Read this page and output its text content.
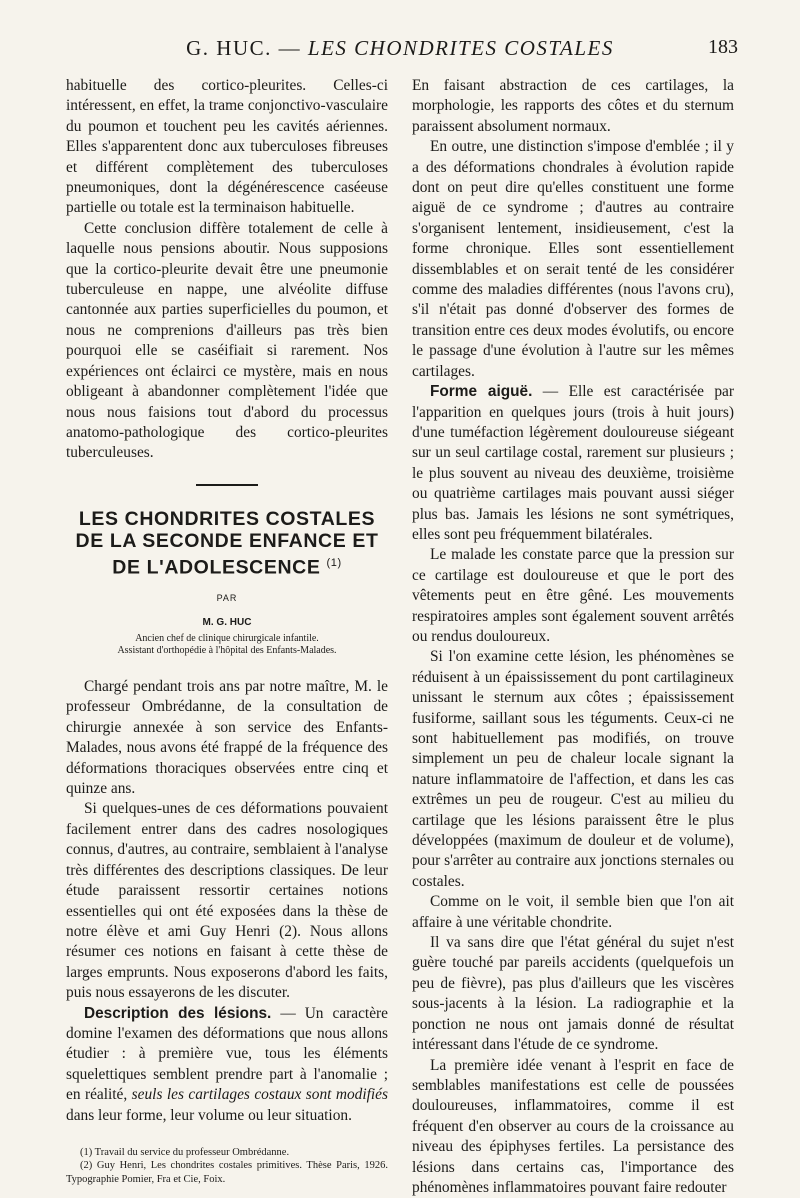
G. HUC. — LES CHONDRITES COSTALES	183

habituelle des cortico-pleurites. Celles-ci intéressent, en effet, la trame conjonctivo-vasculaire du poumon et touchent peu les cavités aériennes. Elles s'apparentent donc aux tuberculoses fibreuses et différent complètement des tuberculoses pneumoniques, dont la dégénérescence caséeuse partielle ou totale est la terminaison habituelle.

Cette conclusion diffère totalement de celle à laquelle nous pensions aboutir. Nous supposions que la cortico-pleurite devait être une pneumonie tuberculeuse en nappe, une alvéolite diffuse cantonnée aux parties superficielles du poumon, et nous ne comprenions d'ailleurs pas très bien pourquoi elle se caséifiait si rarement. Nos expériences ont éclairci ce mystère, mais en nous obligeant à abandonner complètement l'idée que nous nous faisions tout d'abord du processus anatomo-pathologique des cortico-pleurites tuberculeuses.

LES CHONDRITES COSTALES
DE LA SECONDE ENFANCE ET
DE L'ADOLESCENCE $^{(1)}$
PAR
M. G. HUC
Ancien chef de clinique chirurgicale infantile.
Assistant d'orthopédie à l'hôpital des Enfants-Malades.

Chargé pendant trois ans par notre maître, M. le professeur Ombrédanne, de la consultation de chirurgie annexée à son service des Enfants-Malades, nous avons été frappé de la fréquence des déformations thoraciques observées entre cinq et quinze ans.

Si quelques-unes de ces déformations pouvaient facilement entrer dans des cadres nosologiques connus, d'autres, au contraire, semblaient à l'analyse très différentes des descriptions classiques. De leur étude paraissent ressortir certaines notions essentielles qui ont été exposées dans la thèse de notre élève et ami Guy Henri (2). Nous allons résumer ces notions en faisant à cette thèse de larges emprunts. Nous exposerons d'abord les faits, puis nous essayerons de les discuter.

Description des lésions. — Un caractère domine l'examen des déformations que nous allons étudier : à première vue, tous les éléments squelettiques semblent prendre part à l'anomalie ; en réalité, seuls les cartilages costaux sont modifiés dans leur forme, leur volume ou leur situation.

(1) Travail du service du professeur Ombrédanne.

(2) Guy Henri, Les chondrites costales primitives. Thèse Paris, 1926. Typographie Pomier, Fra et Cie, Foix.

En faisant abstraction de ces cartilages, la morphologie, les rapports des côtes et du sternum paraissent absolument normaux.

En outre, une distinction s'impose d'emblée ; il y a des déformations chondrales à évolution rapide dont on peut dire qu'elles constituent une forme aiguë de ce syndrome ; d'autres au contraire s'organisent lentement, insidieusement, c'est la forme chronique. Elles sont essentiellement dissemblables et on serait tenté de les considérer comme des maladies différentes (nous l'avons cru), s'il n'était pas donné d'observer des formes de transition entre ces deux modes évolutifs, ou encore le passage d'une évolution à l'autre sur les mêmes cartilages.

Forme aiguë. — Elle est caractérisée par l'apparition en quelques jours (trois à huit jours) d'une tuméfaction légèrement douloureuse siégeant sur un seul cartilage costal, rarement sur plusieurs ; le plus souvent au niveau des deuxième, troisième ou quatrième cartilages mais pouvant aussi siéger plus bas. Jamais les lésions ne sont symétriques, elles sont peu fréquemment bilatérales.

Le malade les constate parce que la pression sur ce cartilage est douloureuse et que le port des vêtements peut en être gêné. Les mouvements respiratoires amples sont également souvent arrêtés ou rendus douloureux.

Si l'on examine cette lésion, les phénomènes se réduisent à un épaississement du pont cartilagineux unissant le sternum aux côtes ; épaississement fusiforme, saillant sous les téguments. Ceux-ci ne sont habituellement pas modifiés, on trouve simplement un peu de chaleur locale signant la nature inflammatoire de l'affection, et dans les cas extrêmes un peu de rougeur. C'est au milieu du cartilage que les lésions paraissent être le plus développées (maximum de douleur et de volume), pour s'arrêter au contraire aux jonctions sternales ou costales.

Comme on le voit, il semble bien que l'on ait affaire à une véritable chondrite.

Il va sans dire que l'état général du sujet n'est guère touché par pareils accidents (quelquefois un peu de fièvre), pas plus d'ailleurs que les viscères sous-jacents à la lésion. La radiographie et la ponction ne nous ont jamais donné de résultat intéressant dans l'étude de ce syndrome.

La première idée venant à l'esprit en face de semblables manifestations est celle de poussées douloureuses, inflammatoires, comme il est fréquent d'en observer au cours de la croissance au niveau des épiphyses fertiles. La persistance des lésions dans certains cas, l'importance des phénomènes inflammatoires pouvant faire redouter
